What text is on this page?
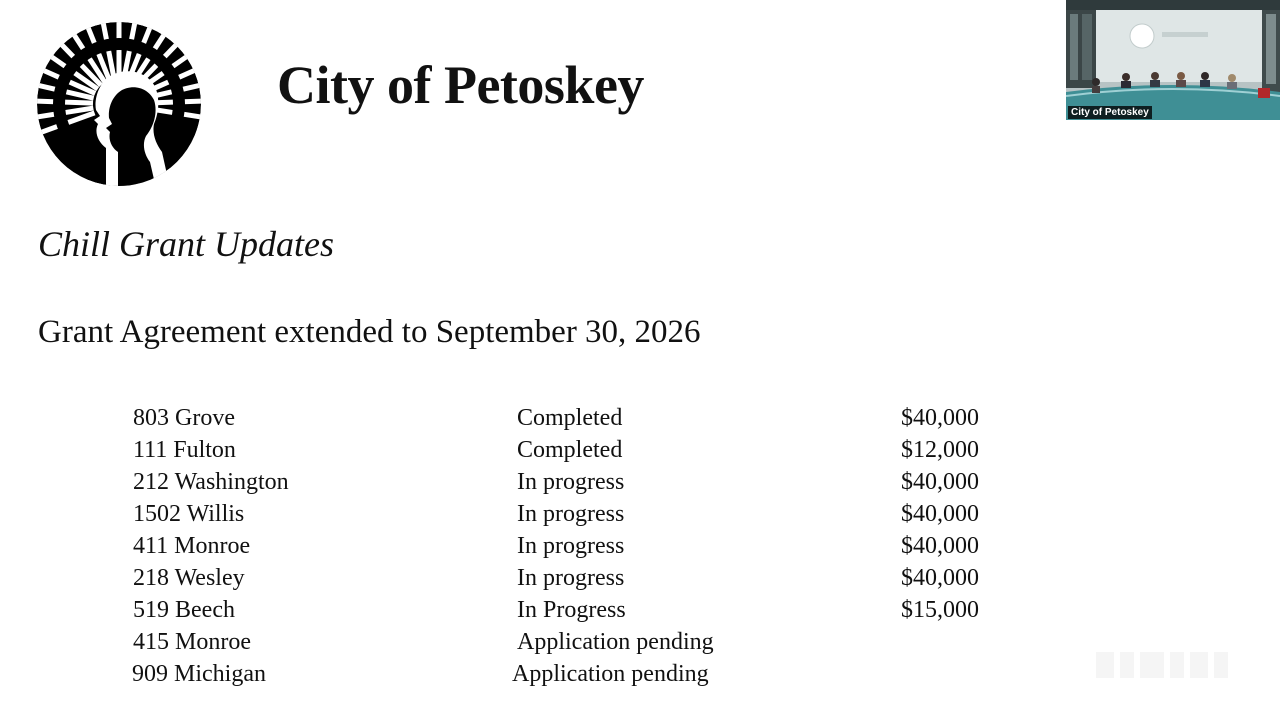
City of Petoskey
Chill Grant Updates
Grant Agreement extended to September 30, 2026
803 Grove	Completed	$40,000
111 Fulton	Completed	$12,000
212 Washington	In progress	$40,000
1502 Willis	In progress	$40,000
411 Monroe	In progress	$40,000
218 Wesley	In progress	$40,000
519 Beech	In Progress	$15,000
415 Monroe	Application pending
909 Michigan	Application pending
City of Petoskey
